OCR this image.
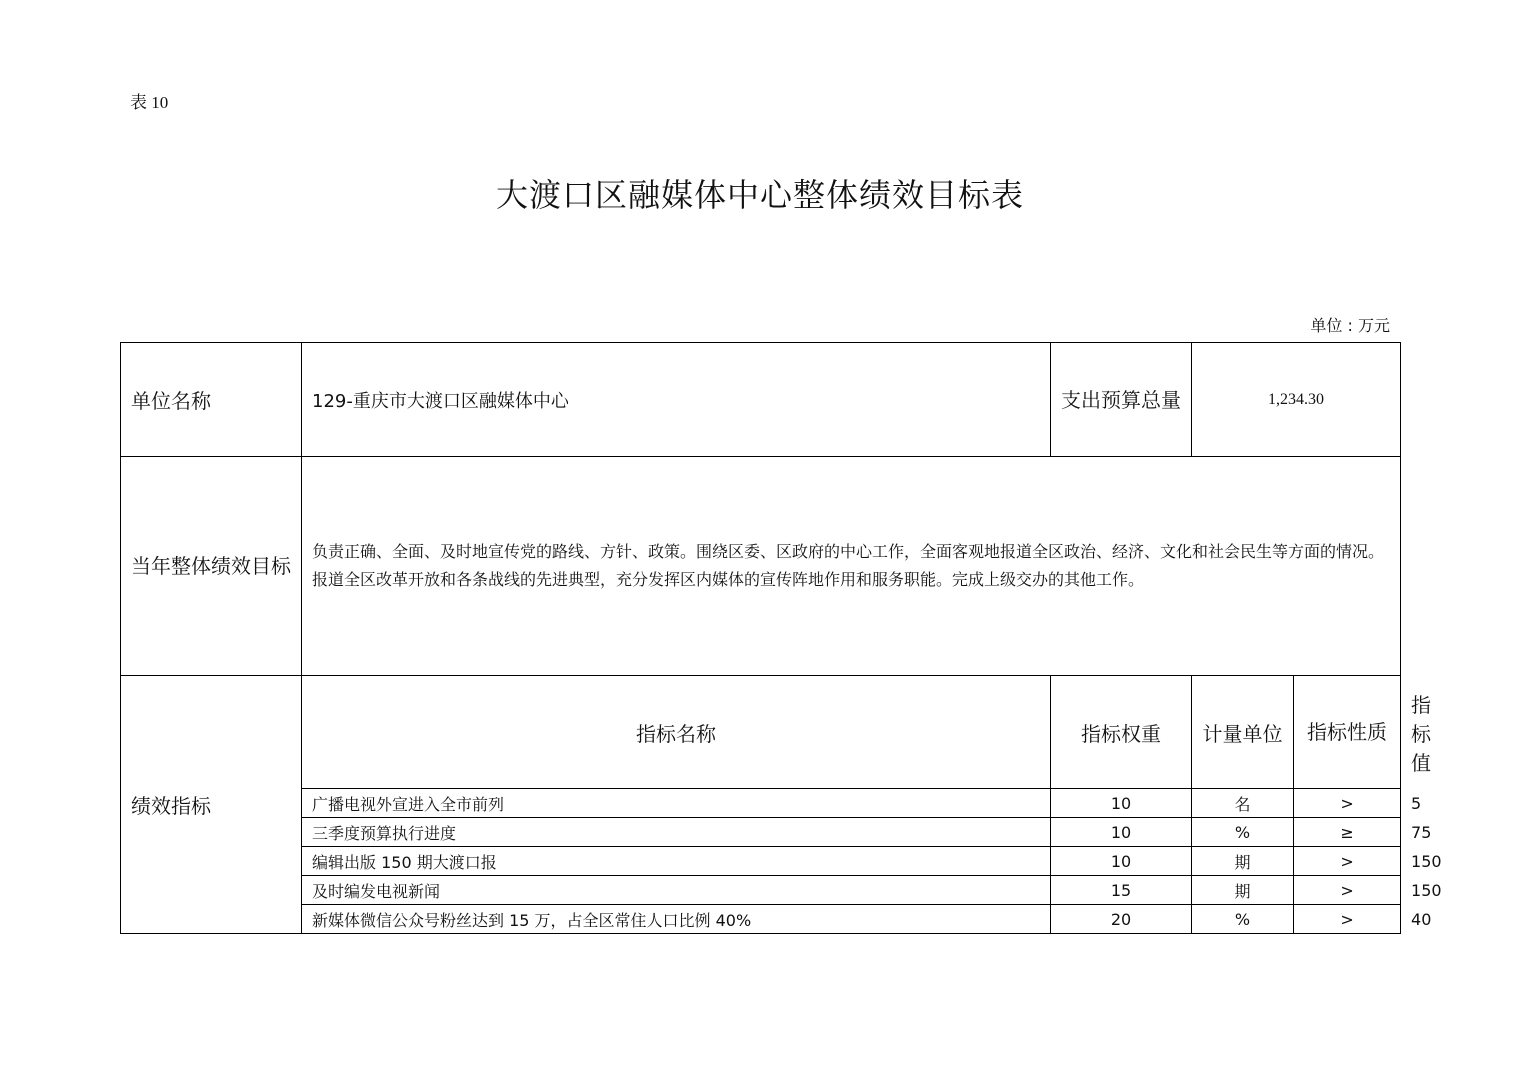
表 10
大渡口区融媒体中心整体绩效目标表
单位 : 万元
单位名称	129-重庆市大渡口区融媒体中心	支出预算总量	1,234.30		
当年整体绩效目标	负责正确、全面、及时地宣传党的路线、方针、政策。围绕区委、区政府的中心工作，全面客观地报道全区政治、经济、文化和社会民生等方面的情况。报道全区改革开放和各条战线的先进典型，充分发挥区内媒体的宣传阵地作用和服务职能。完成上级交办的其他工作。				
绩效指标	指标名称	指标权重	计量单位	指标性质	指标值
	广播电视外宣进入全市前列	10	名	>	5
	三季度预算执行进度	10	%	≥	75
	编辑出版 150 期大渡口报	10	期	>	150
	及时编发电视新闻	15	期	>	150
	新媒体微信公众号粉丝达到 15 万，占全区常住人口比例 40%	20	%	>	40
